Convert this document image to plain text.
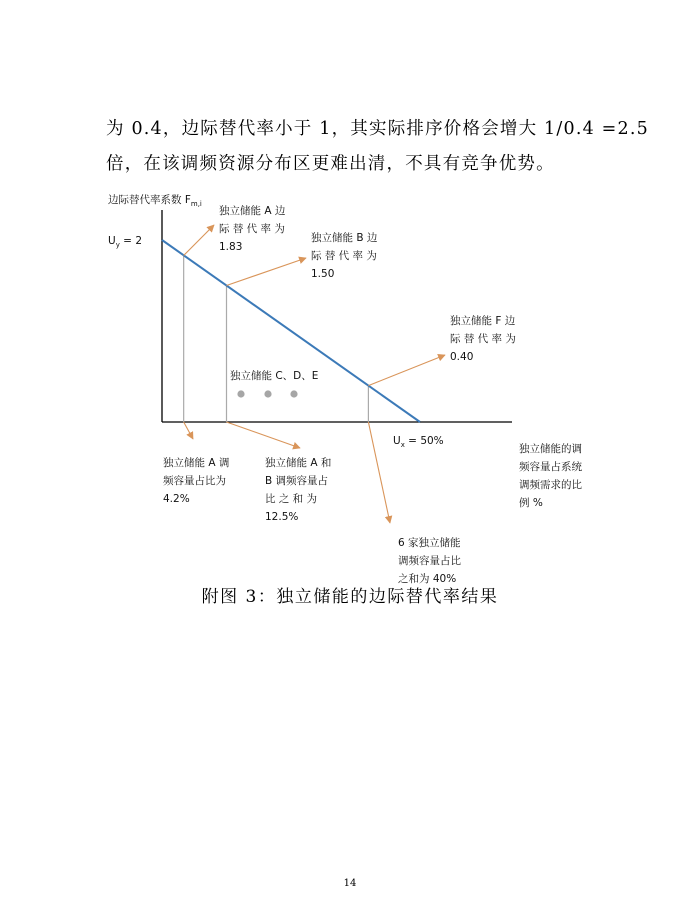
为 0.4，边际替代率小于 1，其实际排序价格会增大 1/0.4 =2.5
倍，在该调频资源分布区更难出清，不具有竞争优势。
边际替代率系数 $F_{m,i}$
$U_y = 2$
$U_x = 50\%$
独立储能的调
频容量占系统
调频需求的比
例 %
独立储能 A 边
际 替 代 率 为
1.83
独立储能 B 边
际 替 代 率 为
1.50
独立储能 F 边
际 替 代 率 为
0.40
独立储能 C、D、E
独立储能 A 调
频容量占比为
4.2%
独立储能 A 和
B 调频容量占
比 之 和 为
12.5%
6 家独立储能
调频容量占比
之和为 40%
附图 3：独立储能的边际替代率结果
14
